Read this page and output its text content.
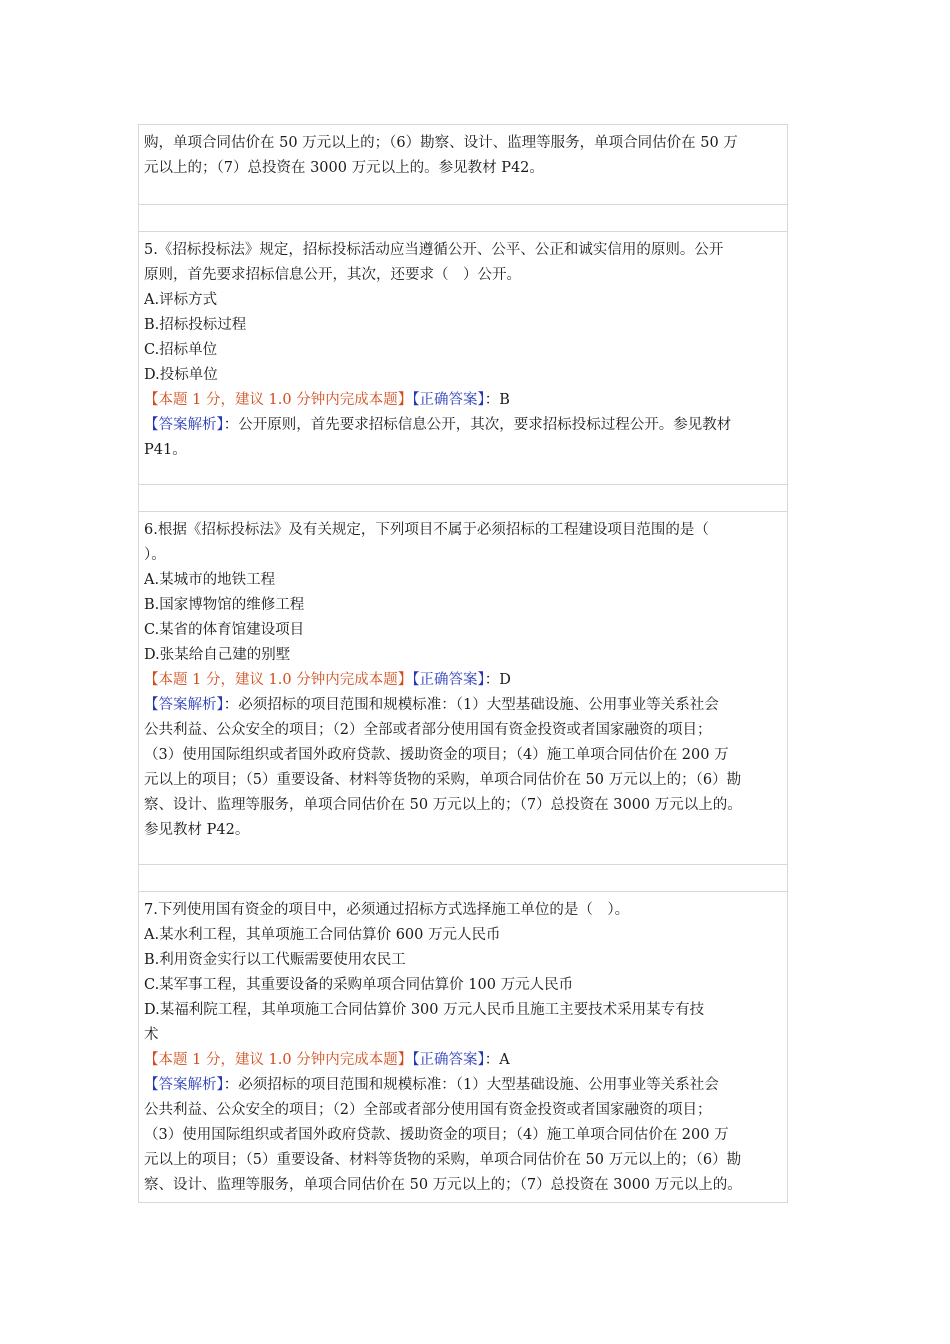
购，单项合同估价在 50 万元以上的；（6）勘察、设计、监理等服务，单项合同估价在 50 万
元以上的；（7）总投资在 3000 万元以上的。参见教材 P42。
5.《招标投标法》规定，招标投标活动应当遵循公开、公平、公正和诚实信用的原则。公开
原则，首先要求招标信息公开，其次，还要求（　）公开。
A.评标方式
B.招标投标过程
C.招标单位
D.投标单位
【本题 1 分，建议 1.0 分钟内完成本题】【正确答案】：B
【答案解析】：公开原则，首先要求招标信息公开，其次，要求招标投标过程公开。参见教材
P41。
6.根据《招标投标法》及有关规定，下列项目不属于必须招标的工程建设项目范围的是（
）。
A.某城市的地铁工程
B.国家博物馆的维修工程
C.某省的体育馆建设项目
D.张某给自己建的别墅
【本题 1 分，建议 1.0 分钟内完成本题】【正确答案】：D
【答案解析】：必须招标的项目范围和规模标准：（1）大型基础设施、公用事业等关系社会
公共利益、公众安全的项目；（2）全部或者部分使用国有资金投资或者国家融资的项目；
（3）使用国际组织或者国外政府贷款、援助资金的项目；（4）施工单项合同估价在 200 万
元以上的项目；（5）重要设备、材料等货物的采购，单项合同估价在 50 万元以上的；（6）勘
察、设计、监理等服务，单项合同估价在 50 万元以上的；（7）总投资在 3000 万元以上的。
参见教材 P42。
7.下列使用国有资金的项目中，必须通过招标方式选择施工单位的是（　）。
A.某水利工程，其单项施工合同估算价 600 万元人民币
B.利用资金实行以工代赈需要使用农民工
C.某军事工程，其重要设备的采购单项合同估算价 100 万元人民币
D.某福利院工程，其单项施工合同估算价 300 万元人民币且施工主要技术采用某专有技
术
【本题 1 分，建议 1.0 分钟内完成本题】【正确答案】：A
【答案解析】：必须招标的项目范围和规模标准：（1）大型基础设施、公用事业等关系社会
公共利益、公众安全的项目；（2）全部或者部分使用国有资金投资或者国家融资的项目；
（3）使用国际组织或者国外政府贷款、援助资金的项目；（4）施工单项合同估价在 200 万
元以上的项目；（5）重要设备、材料等货物的采购，单项合同估价在 50 万元以上的；（6）勘
察、设计、监理等服务，单项合同估价在 50 万元以上的；（7）总投资在 3000 万元以上的。
